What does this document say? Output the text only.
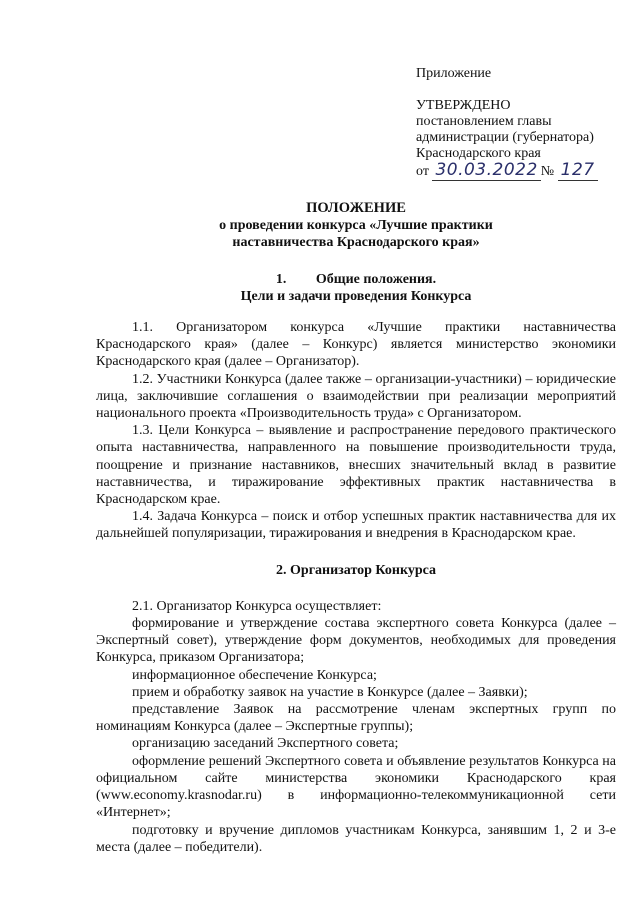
Приложение
УТВЕРЖДЕНО
постановлением главы
администрации (губернатора)
Краснодарского края
от 30.03.2022 № 127
ПОЛОЖЕНИЕ
о проведении конкурса «Лучшие практики
наставничества Краснодарского края»
1. Общие положения.
Цели и задачи проведения Конкурса

1.1. Организатором конкурса «Лучшие практики наставничества Краснодарского края» (далее – Конкурс) является министерство экономики Краснодарского края (далее – Организатор).

1.2. Участники Конкурса (далее также – организации-участники) – юридические лица, заключившие соглашения о взаимодействии при реализации мероприятий национального проекта «Производительность труда» с Организатором.

1.3. Цели Конкурса – выявление и распространение передового практического опыта наставничества, направленного на повышение производительности труда, поощрение и признание наставников, внесших значительный вклад в развитие наставничества, и тиражирование эффективных практик наставничества в Краснодарском крае.

1.4. Задача Конкурса – поиск и отбор успешных практик наставничества для их дальнейшей популяризации, тиражирования и внедрения в Краснодарском крае.

2. Организатор Конкурса

2.1. Организатор Конкурса осуществляет:

формирование и утверждение состава экспертного совета Конкурса (далее – Экспертный совет), утверждение форм документов, необходимых для проведения Конкурса, приказом Организатора;

информационное обеспечение Конкурса;

прием и обработку заявок на участие в Конкурсе (далее – Заявки);

представление Заявок на рассмотрение членам экспертных групп по номинациям Конкурса (далее – Экспертные группы);

организацию заседаний Экспертного совета;

оформление решений Экспертного совета и объявление результатов Конкурса на официальном сайте министерства экономики Краснодарского края (www.economy.krasnodar.ru) в информационно-телекоммуникационной сети «Интернет»;

подготовку и вручение дипломов участникам Конкурса, занявшим 1, 2 и 3-е места (далее – победители).
